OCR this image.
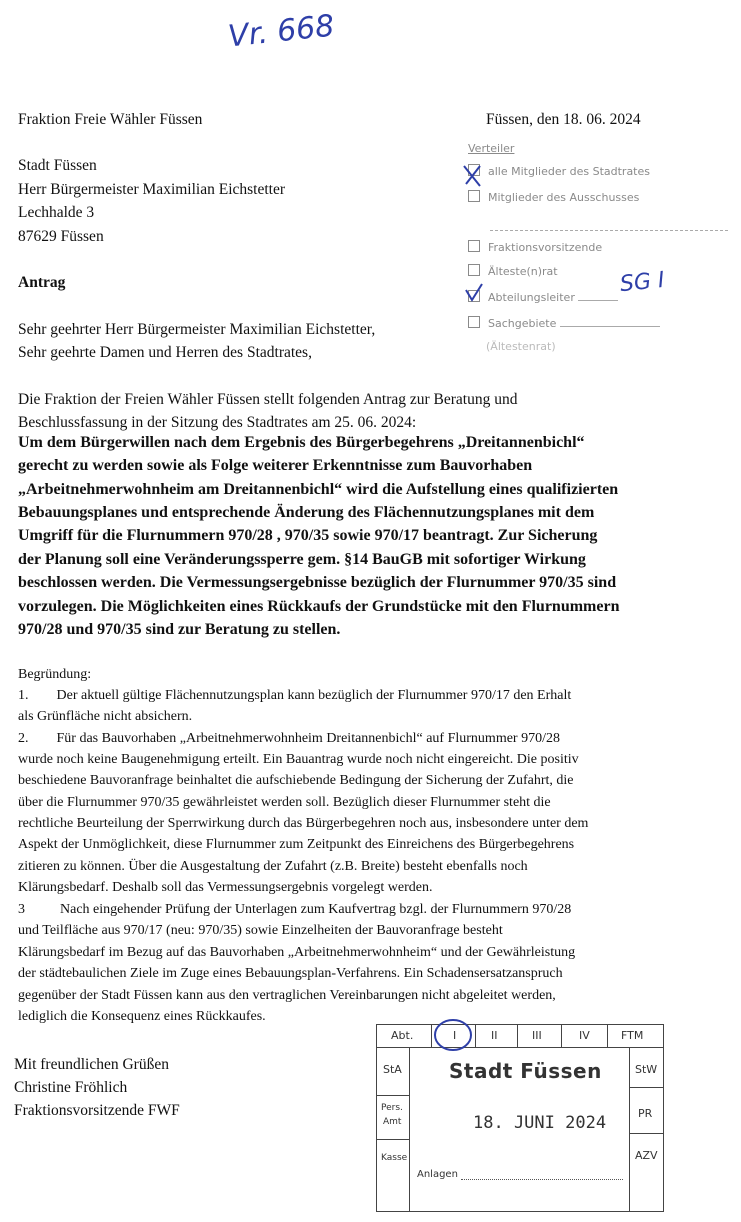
Vr. 668
Fraktion Freie Wähler Füssen	Füssen, den 18. 06. 2024
Stadt Füssen
Herr Bürgermeister Maximilian Eichstetter
Lechhalde 3
87629 Füssen
Verteiler
alle Mitglieder des Stadtrates
Mitglieder des Ausschusses
Fraktionsvorsitzende
Älteste(n)rat
Abteilungsleiter
Sachgebiete
(Ältestenrat)
SG I
Antrag
Sehr geehrter Herr Bürgermeister Maximilian Eichstetter,
Sehr geehrte Damen und Herren des Stadtrates,
Die Fraktion der Freien Wähler Füssen stellt folgenden Antrag zur Beratung und
Beschlussfassung in der Sitzung des Stadtrates am 25. 06. 2024:
Um dem Bürgerwillen nach dem Ergebnis des Bürgerbegehrens „Dreitannenbichl“
gerecht zu werden sowie als Folge weiterer Erkenntnisse zum Bauvorhaben
„Arbeitnehmerwohnheim am Dreitannenbichl“ wird die Aufstellung eines qualifizierten
Bebauungsplanes und entsprechende Änderung des Flächennutzungsplanes mit dem
Umgriff für die Flurnummern 970/28 , 970/35 sowie 970/17 beantragt. Zur Sicherung
der Planung soll eine Veränderungssperre gem. §14 BauGB mit sofortiger Wirkung
beschlossen werden. Die Vermessungsergebnisse bezüglich der Flurnummer 970/35 sind
vorzulegen. Die Möglichkeiten eines Rückkaufs der Grundstücke mit den Flurnummern
970/28 und 970/35 sind zur Beratung zu stellen.
Begründung:
1.        Der aktuell gültige Flächennutzungsplan kann bezüglich der Flurnummer 970/17 den Erhalt
als Grünfläche nicht absichern.
2.        Für das Bauvorhaben „Arbeitnehmerwohnheim Dreitannenbichl“ auf Flurnummer 970/28
wurde noch keine Baugenehmigung erteilt. Ein Bauantrag wurde noch nicht eingereicht. Die positiv
beschiedene Bauvoranfrage beinhaltet die aufschiebende Bedingung der Sicherung der Zufahrt, die
über die Flurnummer 970/35 gewährleistet werden soll. Bezüglich dieser Flurnummer steht die
rechtliche Beurteilung der Sperrwirkung durch das Bürgerbegehren noch aus, insbesondere unter dem
Aspekt der Unmöglichkeit, diese Flurnummer zum Zeitpunkt des Einreichens des Bürgerbegehrens
zitieren zu können. Über die Ausgestaltung der Zufahrt (z.B. Breite) besteht ebenfalls noch
Klärungsbedarf. Deshalb soll das Vermessungsergebnis vorgelegt werden.
3          Nach eingehender Prüfung der Unterlagen zum Kaufvertrag bzgl. der Flurnummern 970/28
und Teilfläche aus 970/17 (neu: 970/35) sowie Einzelheiten der Bauvoranfrage besteht
Klärungsbedarf im Bezug auf das Bauvorhaben „Arbeitnehmerwohnheim“ und der Gewährleistung
der städtebaulichen Ziele im Zuge eines Bebauungsplan-Verfahrens. Ein Schadensersatzanspruch
gegenüber der Stadt Füssen kann aus den vertraglichen Vereinbarungen nicht abgeleitet werden,
lediglich die Konsequenz eines Rückkaufes.
Mit freundlichen Grüßen
Christine Fröhlich
Fraktionsvorsitzende FWF
Abt.	I	II	III	IV	FTM
StA
Pers.
Amt
Kasse
StW
PR
AZV
Stadt Füssen
18. JUNI 2024
Anlagen
